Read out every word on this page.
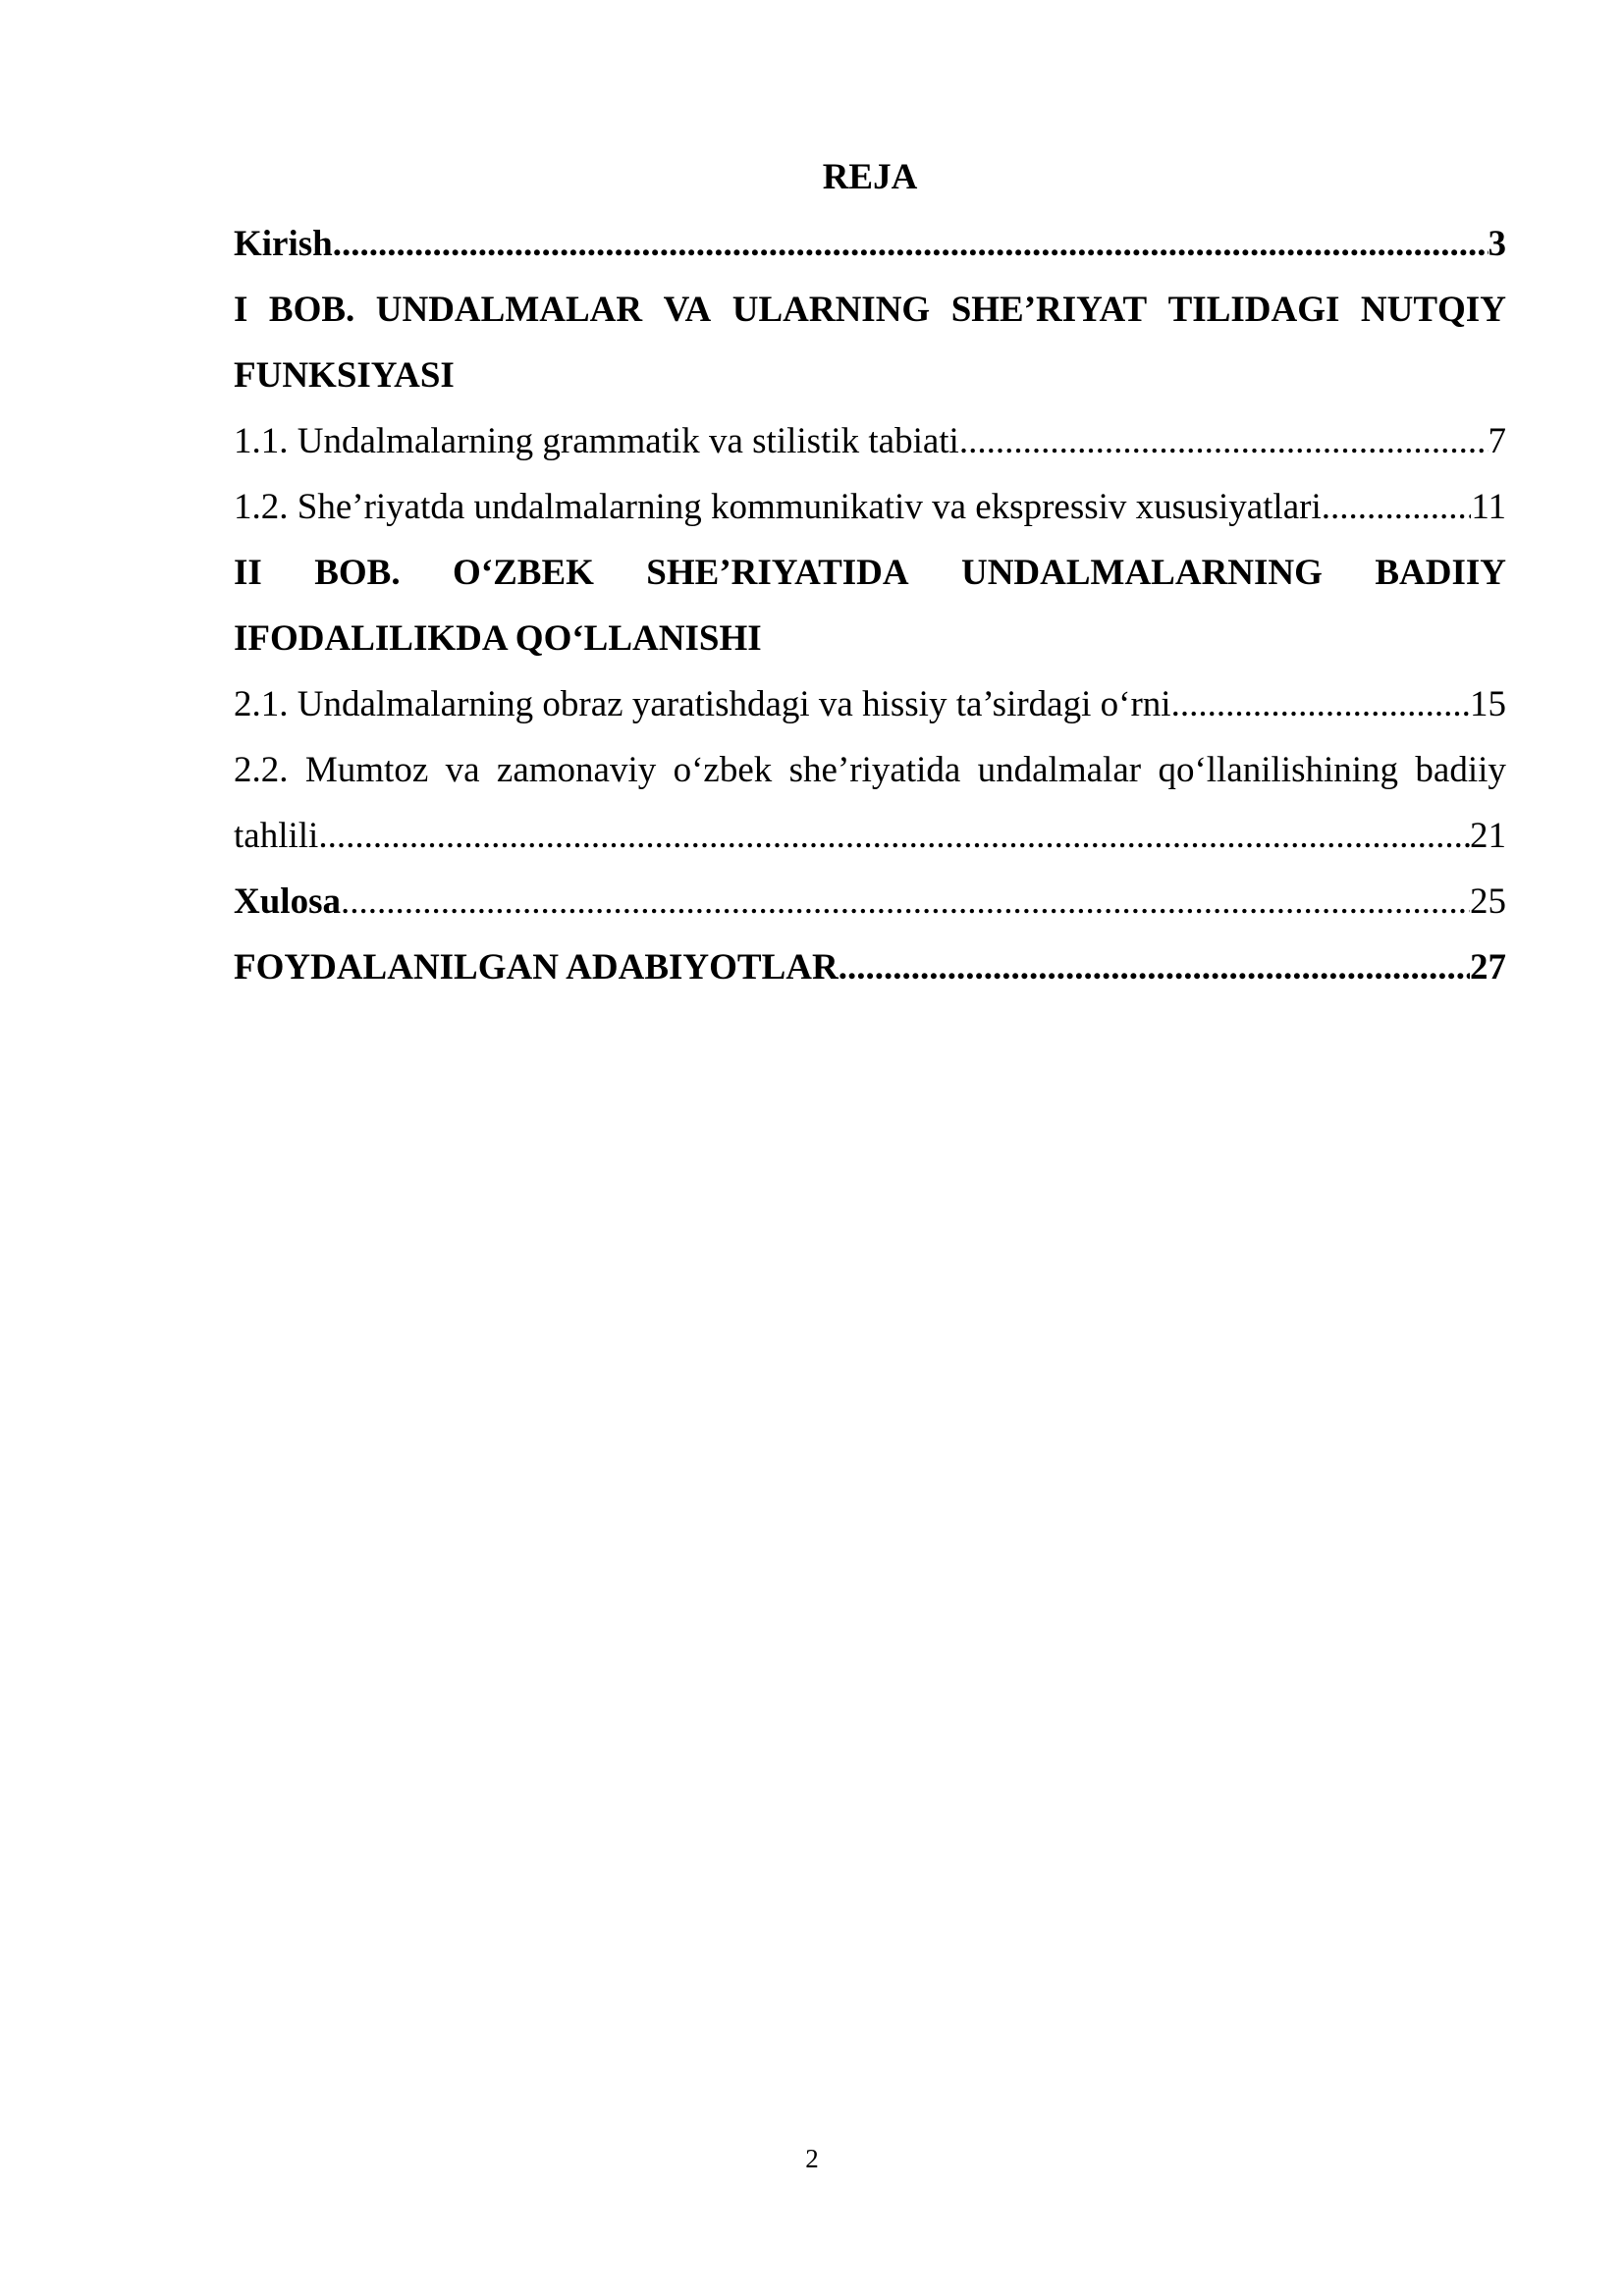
REJA
Kirish .....	3
I BOB. UNDALMALAR VA ULARNING SHE’RIYAT TILIDAGI NUTQIY
FUNKSIYASI
1.1. Undalmalarning grammatik va stilistik tabiati .....	7
1.2. She’riyatda undalmalarning kommunikativ va ekspressiv xususiyatlari .....	11
II BOB. O‘ZBEK SHE’RIYATIDA UNDALMALARNING BADIIY
IFODALILIKDA QO‘LLANISHI
2.1. Undalmalarning obraz yaratishdagi va hissiy ta’sirdagi o‘rni .....	15
2.2. Mumtoz va zamonaviy o‘zbek she’riyatida undalmalar qo‘llanilishining badiiy
tahlili .....	21
Xulosa .....	25
FOYDALANILGAN ADABIYOTLAR .....	27
2
